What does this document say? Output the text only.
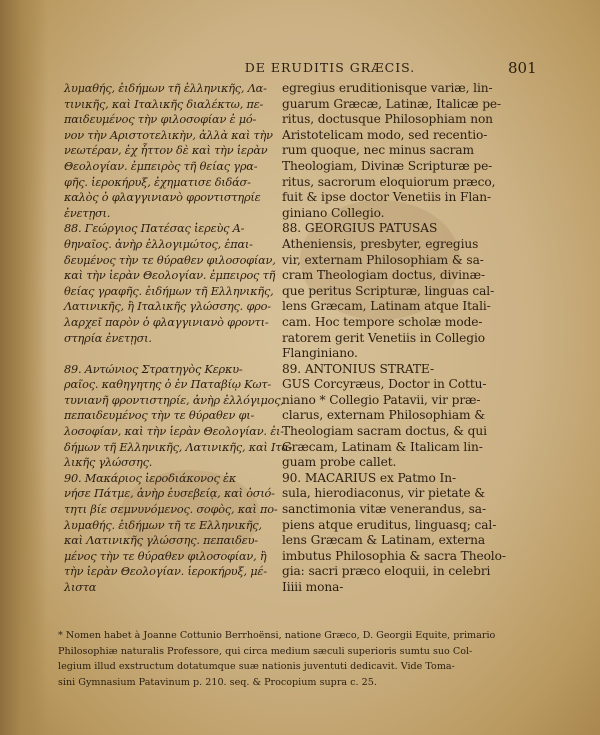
DE ERUDITIS GRÆCIS.	801
λυμαθής, ἐιδήμων τῆ ἑλληνικῆς, Λα-
τινικῆς, καὶ Ιταλικῆς διαλέκτω, πε-
παιδευμένος τὴν φιλοσοφίαν ἐ μό-
νον τὴν Αριστοτελικὴν, ἀλλὰ καὶ τὴν
νεωτέραν, ἐχ ἧττον δὲ καὶ τὴν ἱερὰν
Θεολογίαν. ἐμπειρὸς τῆ θείας γρα-
φῆς. ἱεροκήρυξ, ἐχηματισε διδάσ-
καλὸς ὁ φλαγγινιανὸ φροντιστηρίε
ἐνετῃσι.
88. Γεώργιος Πατέσας ἱερεὺς Α-
θηναῖος. ἀνὴρ ἐλλογιμώτος, ἐπαι-
δευμένος τὴν τε θύραθεν φιλοσοφίαν,
καὶ τὴν ἱερὰν Θεολογίαν. ἐμπειρος τῆ
θείας γραφῆς. ἐιδήμων τῆ Ελληνικῆς,
Λατινικῆς, ἢ Ιταλικῆς γλώσσης. φρο-
λαρχεῖ παρὸν ὁ φλαγγινιανὸ φροντι-
στηρία ἐνετῃσι.
89. Αντώνιος Στρατηγὸς Κερκυ-
ραῖος. καθηγητης ὁ ἐν Παταβίῳ Κωτ-
τυνιανῆ φροντιστηρίε, ἀνὴρ ἐλλόγιμος,
πεπαιδευμένος τὴν τε θύραθεν φι-
λοσοφίαν, καὶ τὴν ἱερὰν Θεολογίαν. ἐι-
δήμων τῆ Ελληνικῆς, Λατινικῆς, καὶ Ιτα-
λικῆς γλώσσης.
90. Μακάριος ἱεροδιάκονος ἐκ
νήσε Πάτμε, ἀνὴρ ἐυσεβείᾳ, καὶ ὁσιό-
τητι βίε σεμνυνόμενος. σοφὸς, καὶ πο-
λυμαθής. ἐιδήμων τῆ τε Ελληνικῆς,
καὶ Λατινικῆς γλώσσης. πεπαιδευ-
μένος τὴν τε θύραθεν φιλοσοφίαν, ἢ
τὴν ἱερὰν Θεολογίαν. ἱεροκήρυξ, μέ-
λιστα
egregius eruditionisque variæ, lin-
guarum Græcæ, Latinæ, Italicæ pe-
ritus, doctusque Philosophiam non
Aristotelicam modo, sed recentio-
rum quoque, nec minus sacram
Theologiam, Divinæ Scripturæ pe-
ritus, sacrorum eloquiorum præco,
fuit & ipse doctor Venetiis in Flan-
giniano Collegio.
88. GEORGIUS PATUSAS
Atheniensis, presbyter, egregius
vir, externam Philosophiam & sa-
cram Theologiam doctus, divinæ-
que peritus Scripturæ, linguas cal-
lens Græcam, Latinam atque Itali-
cam. Hoc tempore scholæ mode-
ratorem gerit Venetiis in Collegio
Flanginiano.
89. ANTONIUS STRATE-
GUS Corcyræus, Doctor in Cottu-
niano * Collegio Patavii, vir præ-
clarus, externam Philosophiam &
Theologiam sacram doctus, & qui
Græcam, Latinam & Italicam lin-
guam probe callet.
90. MACARIUS ex Patmo In-
sula, hierodiaconus, vir pietate &
sanctimonia vitæ venerandus, sa-
piens atque eruditus, linguasq; cal-
lens Græcam & Latinam, externa
imbutus Philosophia & sacra Theolo-
gia: sacri præco eloquii, in celebri
Iiiii mona-
* Nomen habet à Joanne Cottunio Berrhoënsi, natione Græco, D. Georgii Equite, primario
Philosophiæ naturalis Professore, qui circa medium sæculi superioris sumtu suo Col-
legium illud exstructum dotatumque suæ nationis juventuti dedicavit. Vide Toma-
sini Gymnasium Patavinum p. 210. seq. & Procopium supra c. 25.
